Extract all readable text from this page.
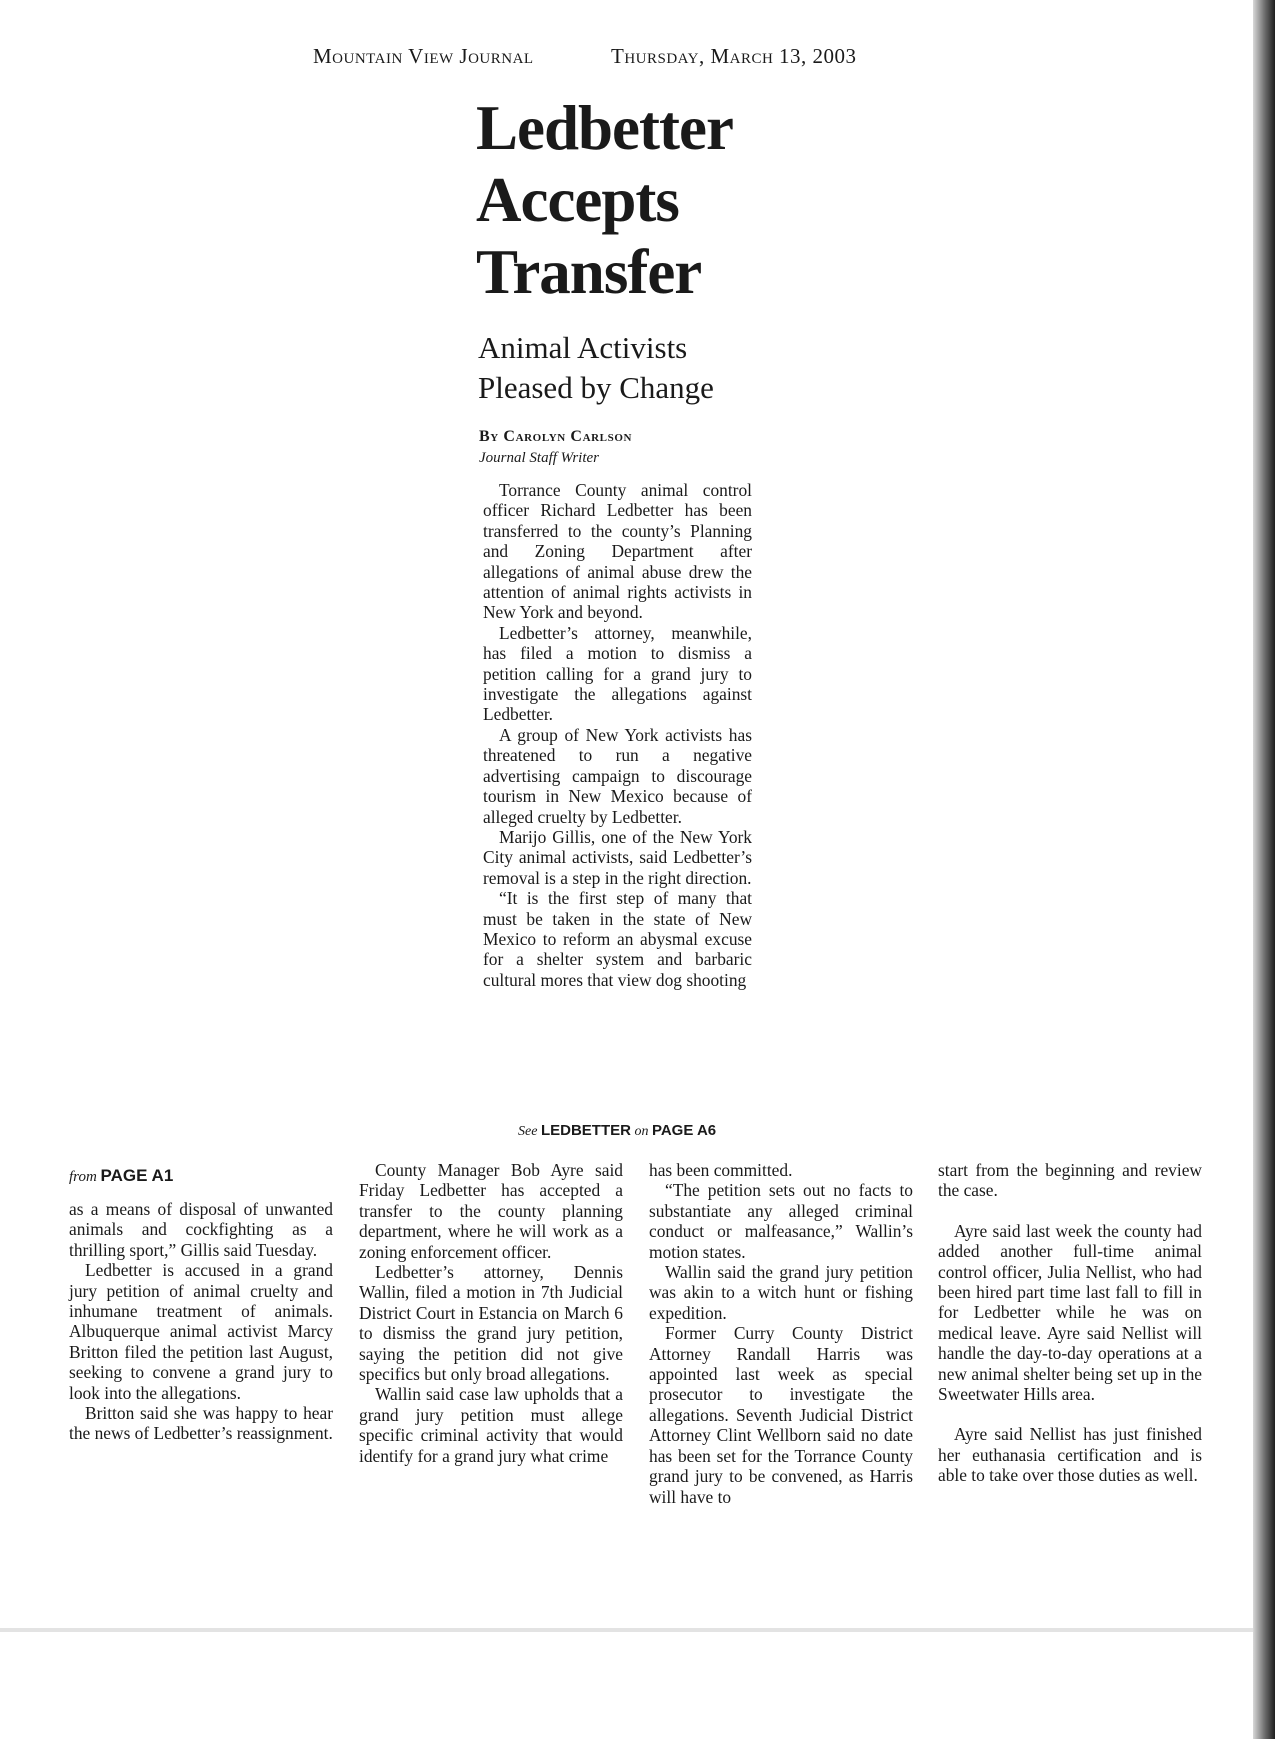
Mountain View Journal	Thursday, March 13, 2003
Ledbetter
Accepts
Transfer
Animal Activists
Pleased by Change
By Carolyn Carlson
Journal Staff Writer

Torrance County animal control officer Richard Ledbetter has been transferred to the county’s Planning and Zoning Department after allegations of animal abuse drew the attention of animal rights activists in New York and beyond.

Ledbetter’s attorney, meanwhile, has filed a motion to dismiss a petition calling for a grand jury to investigate the allegations against Ledbetter.

A group of New York activists has threatened to run a negative advertising campaign to discourage tourism in New Mexico because of alleged cruelty by Ledbetter.

Marijo Gillis, one of the New York City animal activists, said Ledbetter’s removal is a step in the right direction.

“It is the first step of many that must be taken in the state of New Mexico to reform an abysmal excuse for a shelter system and barbaric cultural mores that view dog shooting

See LEDBETTER on PAGE A6
from PAGE A1

as a means of disposal of unwanted animals and cockfighting as a thrilling sport,” Gillis said Tuesday.

Ledbetter is accused in a grand jury petition of animal cruelty and inhumane treatment of animals. Albuquerque animal activist Marcy Britton filed the petition last August, seeking to convene a grand jury to look into the allegations.

Britton said she was happy to hear the news of Ledbetter’s reassignment.

County Manager Bob Ayre said Friday Ledbetter has accepted a transfer to the county planning department, where he will work as a zoning enforcement officer.

Ledbetter’s attorney, Dennis Wallin, filed a motion in 7th Judicial District Court in Estancia on March 6 to dismiss the grand jury petition, saying the petition did not give specifics but only broad allegations.

Wallin said case law upholds that a grand jury petition must allege specific criminal activity that would identify for a grand jury what crime

has been committed.

“The petition sets out no facts to substantiate any alleged criminal conduct or malfeasance,” Wallin’s motion states.

Wallin said the grand jury petition was akin to a witch hunt or fishing expedition.

Former Curry County District Attorney Randall Harris was appointed last week as special prosecutor to investigate the allegations. Seventh Judicial District Attorney Clint Wellborn said no date has been set for the Torrance County grand jury to be convened, as Harris will have to

start from the beginning and review the case.

Ayre said last week the county had added another full-time animal control officer, Julia Nellist, who had been hired part time last fall to fill in for Ledbetter while he was on medical leave. Ayre said Nellist will handle the day-to-day operations at a new animal shelter being set up in the Sweetwater Hills area.

Ayre said Nellist has just finished her euthanasia certification and is able to take over those duties as well.
